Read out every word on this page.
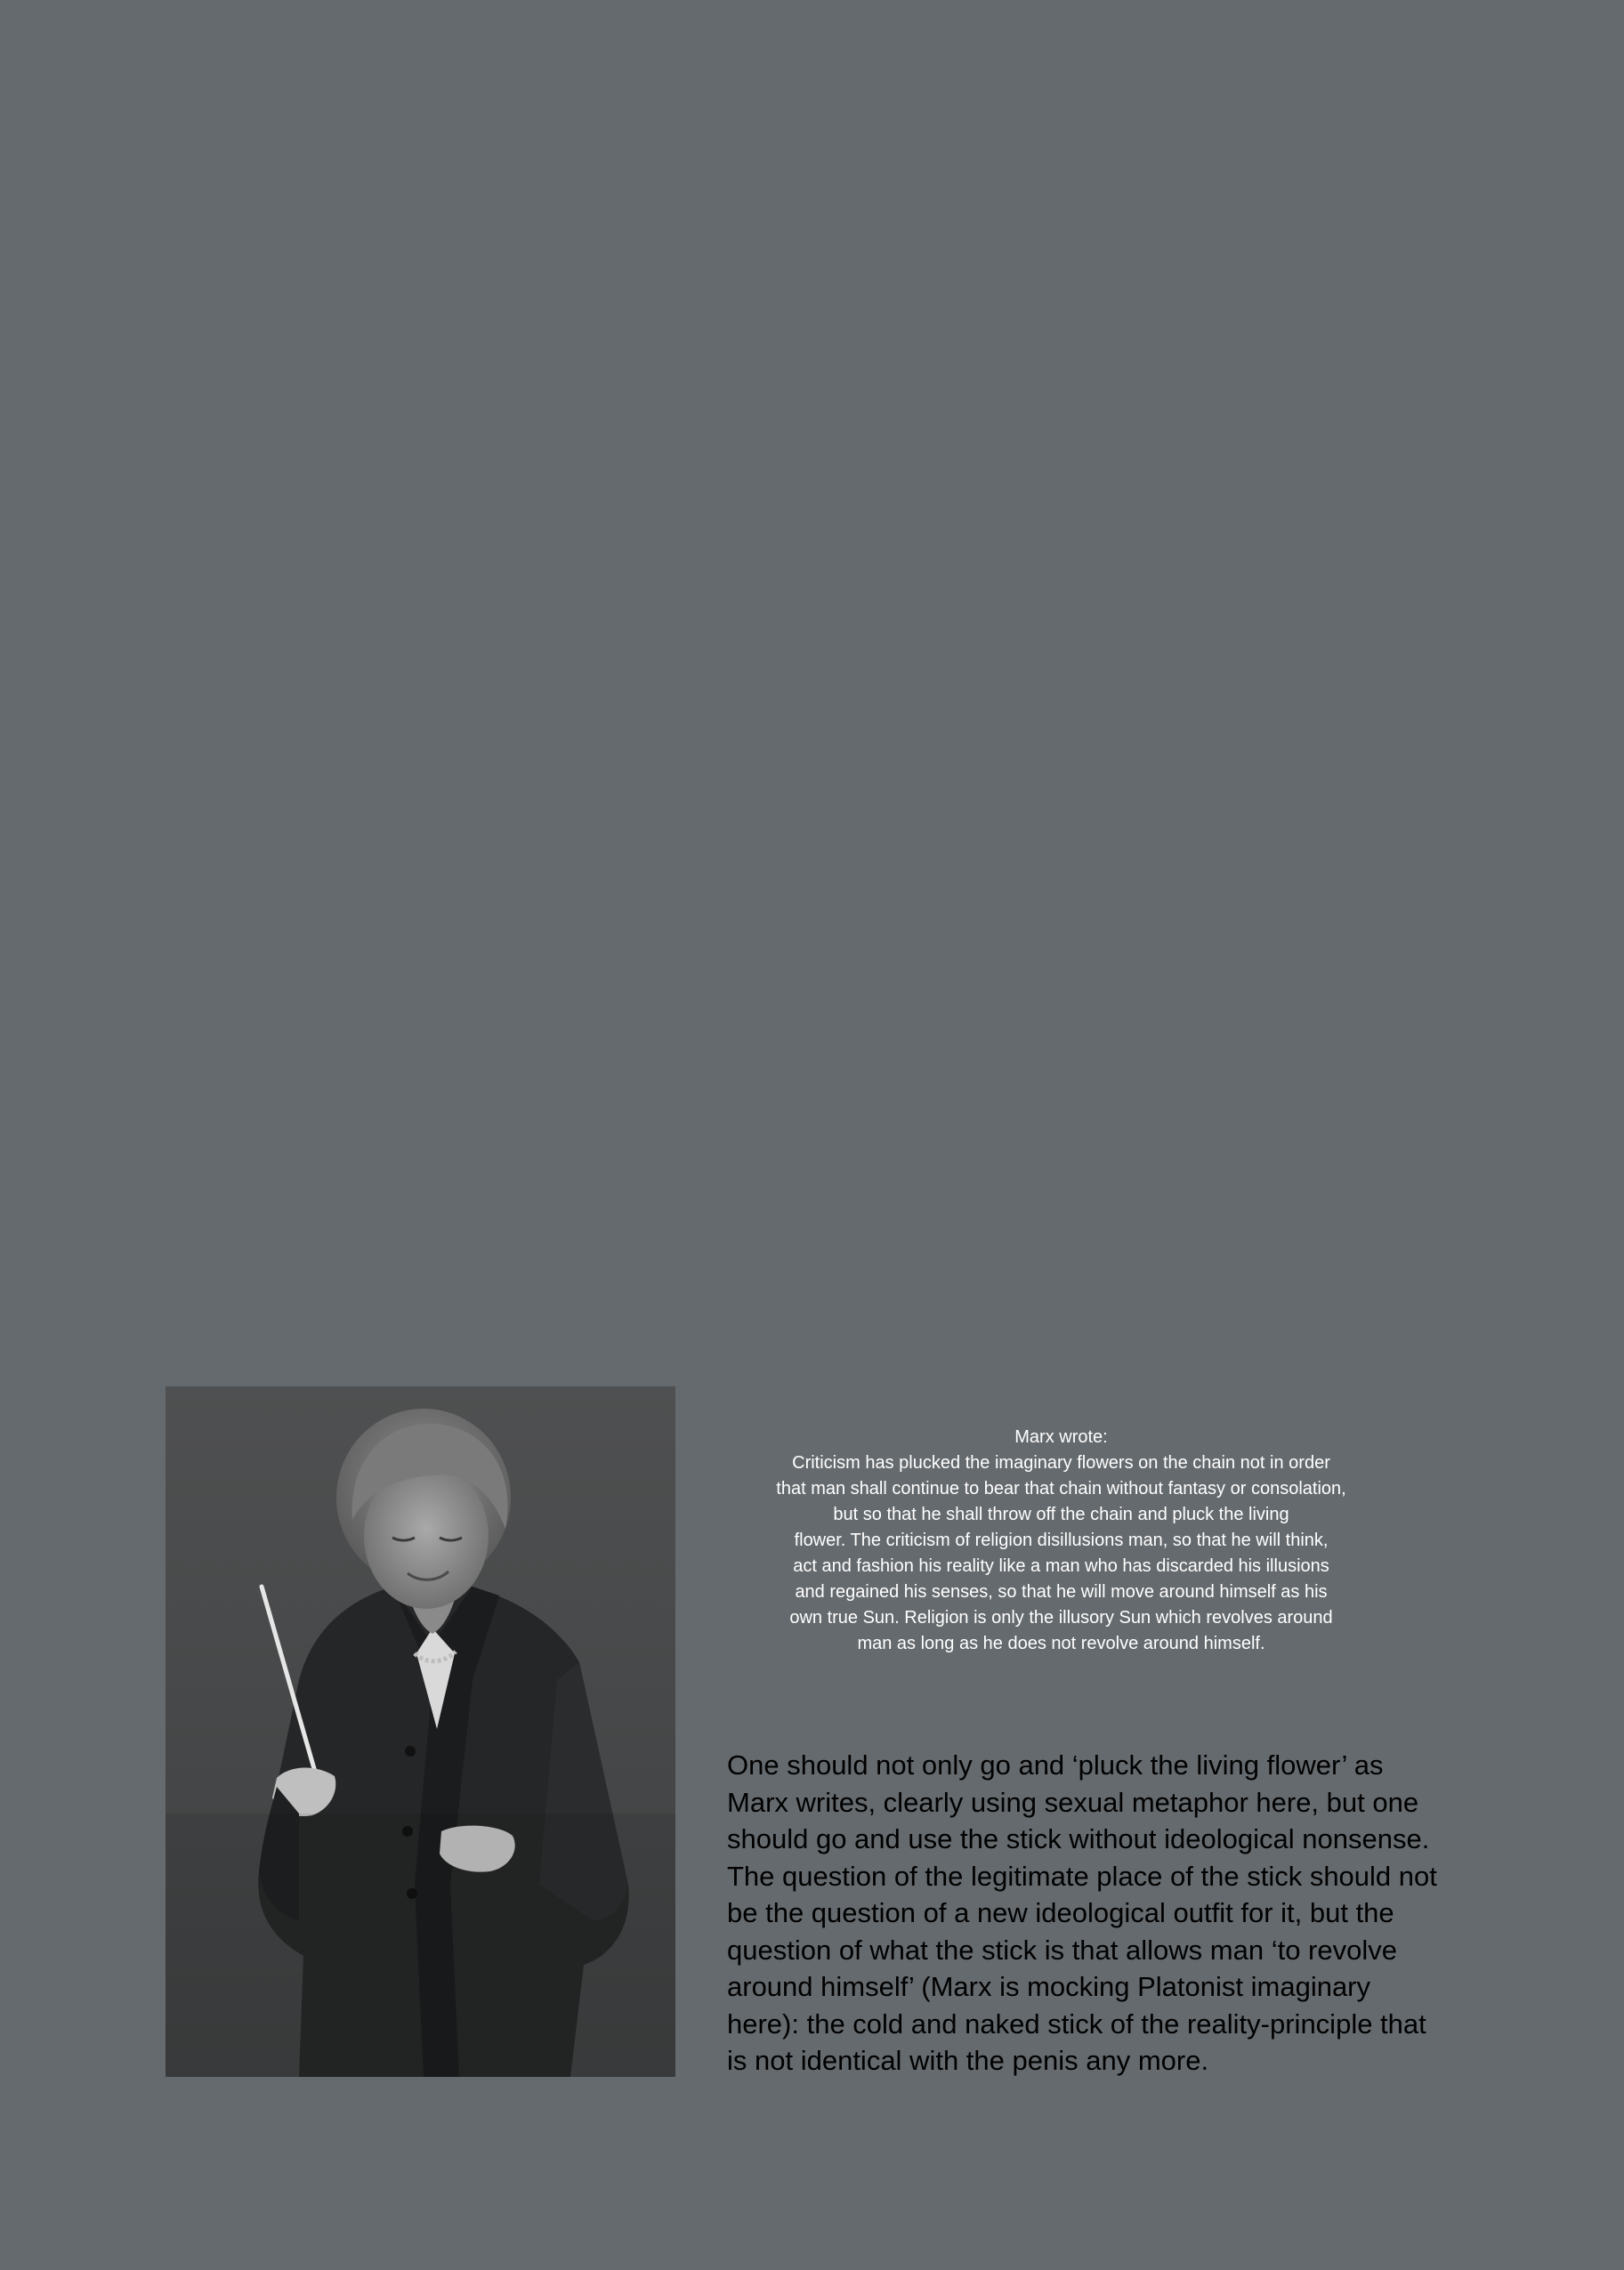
Marx wrote:
Criticism has plucked the imaginary flowers on the chain not in order
that man shall continue to bear that chain without fantasy or consolation,
but so that he shall throw off the chain and pluck the living
flower. The criticism of religion disillusions man, so that he will think,
act and fashion his reality like a man who has discarded his illusions
and regained his senses, so that he will move around himself as his
own true Sun. Religion is only the illusory Sun which revolves around
man as long as he does not revolve around himself.
One should not only go and ‘pluck the living flower’ as
Marx writes, clearly using sexual metaphor here, but one
should go and use the stick without ideological nonsense.
The question of the legitimate place of the stick should not
be the question of a new ideological outfit for it, but the
question of what the stick is that allows man ‘to revolve
around himself’ (Marx is mocking Platonist imaginary
here): the cold and naked stick of the reality-principle that
is not identical with the penis any more.
